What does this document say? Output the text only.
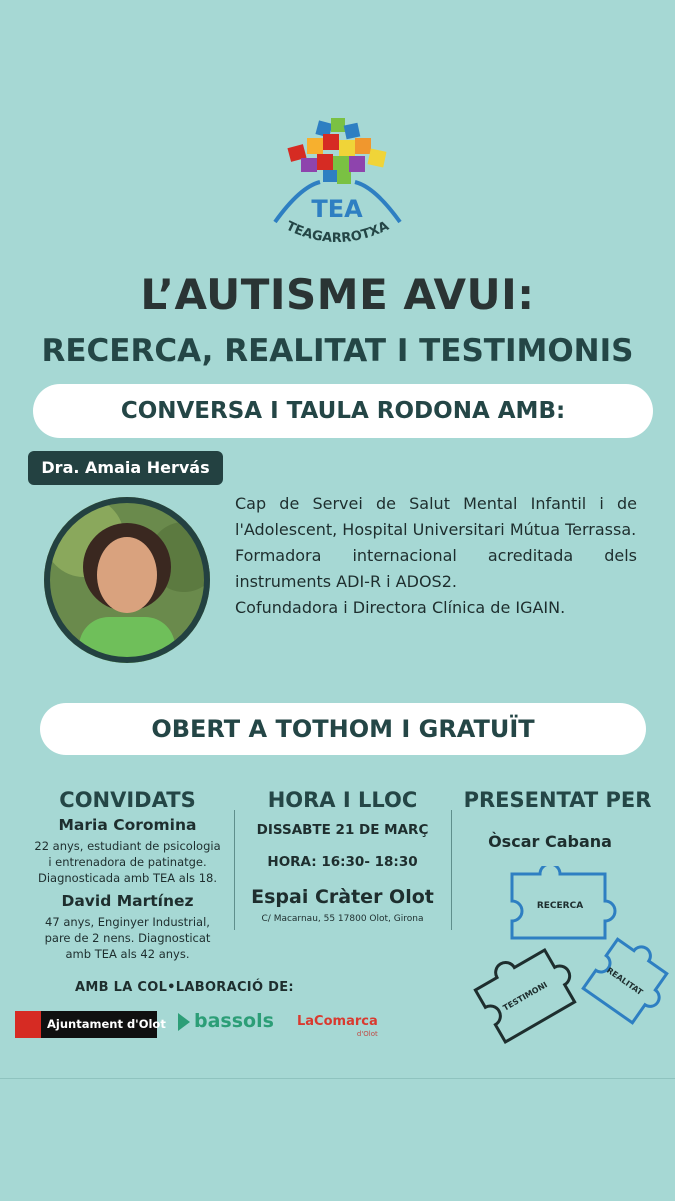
TEA
TEAGARROTXA
L’AUTISME AVUI:
RECERCA, REALITAT I TESTIMONIS
CONVERSA I TAULA RODONA AMB:
Dra. Amaia Hervás

Cap de Servei de Salut Mental Infantil i de l'Adolescent, Hospital Universitari Mútua Terrassa.

Formadora internacional acreditada dels instruments ADI-R i ADOS2.

Cofundadora i Directora Clínica de IGAIN.

OBERT A TOTHOM I GRATUÏT
CONVIDATS
Maria Coromina
22 anys, estudiant de psicologia
i entrenadora de patinatge.
Diagnosticada amb TEA als 18.
David Martínez
47 anys, Enginyer Industrial,
pare de 2 nens. Diagnosticat
amb TEA als 42 anys.
HORA I LLOC
DISSABTE 21 DE MARÇ
HORA: 16:30- 18:30
Espai Cràter Olot
C/ Macarnau, 55 17800 Olot, Girona
PRESENTAT PER
Òscar Cabana
RECERCA
REALITAT
TESTIMONI
AMB LA COL•LABORACIÓ DE:
Ajuntament d'Olot	bassols LaComarca
d'Olot
